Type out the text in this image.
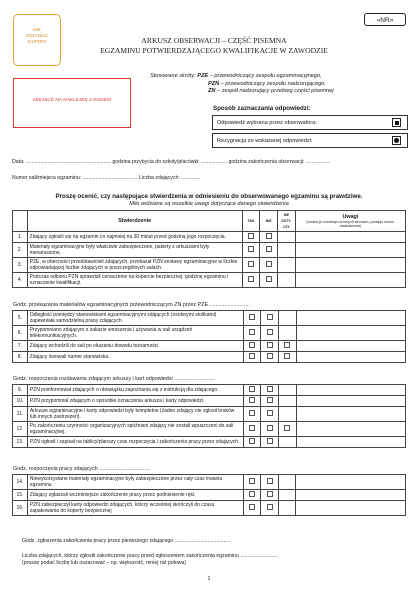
NIE
ZSZYWAĆ
KARTEK!
«NR»
ARKUSZ OBSERWACJI – CZĘŚĆ PISEMNA
EGZAMINU POTWIERDZAJĄCEGO KWALIFIKACJE W ZAWODZIE
MIEJSCE NA NAKLEJKĘ Z KODEM
Stosowane skróty: PZE – przewodniczący zespołu egzaminacyjnego,
PZN – przewodniczący zespołu nadzorującego,
ZN – zespół nadzorujący przebieg części pisemnej
Sposób zaznaczania odpowiedzi:
Odpowiedź wybrana przez obserwatora:
Rezygnacja ze wskazanej odpowiedzi:
Data: ........................................................... godzina przybycia do szkoły/placówki: .................. godzina zakończenia obserwacji: .................
Numer sali/miejsca egzaminu: ...................................... Liczba zdających: .............
Proszę ocenić, czy następujące stwierdzenia w odniesieniu do obserwowanego egzaminu są prawdziwe.
Mile widziane są wszelkie uwagi dotyczące danego stwierdzenia
	Stwierdzenie	TAK	NIE	NIE DOTY-CZY	Uwagi
(można je rozwinąć na innych stronach, podając numer stwierdzenia)

1.	Zdający zgłosili się na egzamin co najmniej na 30 minut przed godziną jego rozpoczęcia.				
2.	Materiały egzaminacyjne były właściwie zabezpieczone, pakiety z arkuszami były nienaruszone.				
3.	PZE, w obecności przedstawicieli zdających, przekazał PZN zestawy egzaminacyjne w liczbie odpowiadającej liczbie zdających w poszczególnych salach.				
4.	Podczas odbioru PZN sprawdził oznaczenie na kopercie bezpiecznej: godzinę egzaminu i oznaczenie kwalifikacji.				
Godz. przekazania materiałów egzaminacyjnych przewodniczącym ZN przez PZE ...........................
5.	Odległość pomiędzy stanowiskami egzaminacyjnymi zdających (osobnymi stolikami) zapewniała samodzielną pracę zdających.				
6.	Przypomniano zdającym o zakazie wnoszenia i używania w sali urządzeń telekomunikacyjnych.				
7.	Zdający wchodzili do sali po okazaniu dowodu tożsamości				
8.	Zdający losowali numer stanowiska.				
Godz. rozpoczęcia rozdawania zdającym arkuszy i kart odpowiedzi ...........................
9.	PZN poinformował zdających o obowiązku zapoznania się z instrukcją dla zdającego.				
10.	PZN przypomniał zdającym o sposobie oznaczenia arkusza i karty odpowiedzi.				
11.	Arkusze egzaminacyjne i karty odpowiedzi były kompletne (żaden zdający nie zgłosił braków lub innych zastrzeżeń).				
12.	Po zakończeniu czynności organizacyjnych spóźnieni zdający nie zostali wpuszczeni do sali egzaminacyjnej.				
13.	PZN ogłosił i zapisał na tablicy/planszy czas rozpoczęcia i zakończenia pracy przez zdających.				
Godz. rozpoczęcia pracy zdających ..................................
14.	Niewykorzystane materiały egzaminacyjne były zabezpieczone przez cały czas trwania egzaminu				
15.	Zdający zgłaszali wcześniejsze zakończenie pracy przez podniesienie ręki.				
16.	PZN zabezpieczył karty odpowiedzi zdających, którzy wcześniej skończyli do czasu zapakowania do koperty bezpiecznej				
Godz. zgłoszenia zakończenia pracy przez pierwszego zdającego .......................................
Liczba zdających, którzy zgłosili zakończenie pracy przed ogłoszeniem zakończenia egzaminu ..........................
(proszę podać liczbę lub oszacować – np. większość, mniej niż połowa)
1
